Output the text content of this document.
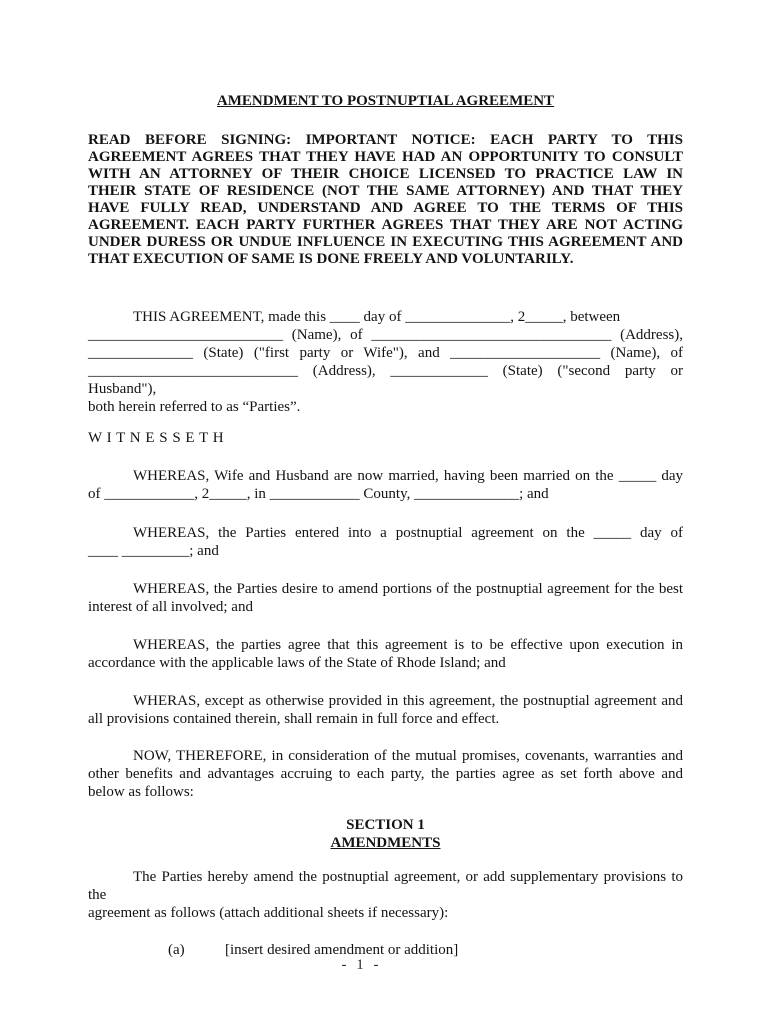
AMENDMENT TO POSTNUPTIAL AGREEMENT
READ BEFORE SIGNING: IMPORTANT NOTICE: EACH PARTY TO THIS
AGREEMENT AGREES THAT THEY HAVE HAD AN OPPORTUNITY TO CONSULT
WITH AN ATTORNEY OF THEIR CHOICE LICENSED TO PRACTICE LAW IN
THEIR STATE OF RESIDENCE (NOT THE SAME ATTORNEY) AND THAT THEY
HAVE FULLY READ, UNDERSTAND AND AGREE TO THE TERMS OF THIS
AGREEMENT. EACH PARTY FURTHER AGREES THAT THEY ARE NOT ACTING
UNDER DURESS OR UNDUE INFLUENCE IN EXECUTING THIS AGREEMENT AND
THAT EXECUTION OF SAME IS DONE FREELY AND VOLUNTARILY.
THIS AGREEMENT, made this ____ day of ______________, 2_____, between
__________________________ (Name), of ________________________________ (Address),
______________ (State) ("first party or Wife"), and ____________________ (Name), of
____________________________ (Address), _____________ (State) ("second party or Husband"),
both herein referred to as “Parties”.
W I T N E S S E T H
WHEREAS, Wife and Husband are now married, having been married on the _____ day
of ____________, 2_____, in ____________ County, ______________; and
WHEREAS, the Parties entered into a postnuptial agreement on the _____ day of
____ _________; and
WHEREAS, the Parties desire to amend portions of the postnuptial agreement for the best
interest of all involved; and
WHEREAS, the parties agree that this agreement is to be effective upon execution in
accordance with the applicable laws of the State of Rhode Island; and
WHERAS, except as otherwise provided in this agreement, the postnuptial agreement and
all provisions contained therein, shall remain in full force and effect.
NOW, THEREFORE, in consideration of the mutual promises, covenants, warranties and
other benefits and advantages accruing to each party, the parties agree as set forth above and
below as follows:
SECTION 1
AMENDMENTS
The Parties hereby amend the postnuptial agreement, or add supplementary provisions to the
agreement as follows (attach additional sheets if necessary):
(a)	[insert desired amendment or addition]
- 1 -
